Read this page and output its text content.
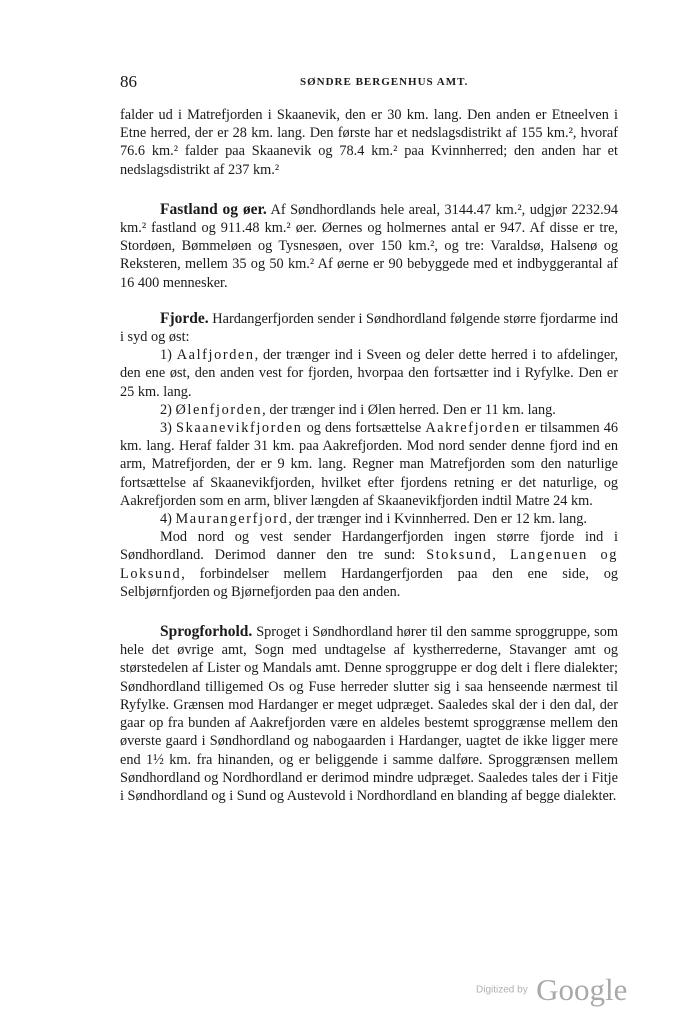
86	SØNDRE BERGENHUS AMT.

falder ud i Matrefjorden i Skaanevik, den er 30 km. lang. Den anden er Etneelven i Etne herred, der er 28 km. lang. Den første har et nedslagsdistrikt af 155 km.², hvoraf 76.6 km.² falder paa Skaanevik og 78.4 km.² paa Kvinnherred; den anden har et nedslagsdistrikt af 237 km.²

Fastland og øer. Af Søndhordlands hele areal, 3144.47 km.², udgjør 2232.94 km.² fastland og 911.48 km.² øer. Øernes og holmernes antal er 947. Af disse er tre, Stordøen, Bømmeløen og Tysnesøen, over 150 km.², og tre: Varaldsø, Halsenø og Reksteren, mellem 35 og 50 km.² Af øerne er 90 bebyggede med et indbyggerantal af 16 400 mennesker.

Fjorde. Hardangerfjorden sender i Søndhordland følgende større fjordarme ind i syd og øst:

1) Aalfjorden, der trænger ind i Sveen og deler dette herred i to afdelinger, den ene øst, den anden vest for fjorden, hvorpaa den fortsætter ind i Ryfylke. Den er 25 km. lang.

2) Ølenfjorden, der trænger ind i Ølen herred. Den er 11 km. lang.

3) Skaanevikfjorden og dens fortsættelse Aakrefjorden er tilsammen 46 km. lang. Heraf falder 31 km. paa Aakrefjorden. Mod nord sender denne fjord ind en arm, Matrefjorden, der er 9 km. lang. Regner man Matrefjorden som den naturlige fortsættelse af Skaanevikfjorden, hvilket efter fjordens retning er det naturlige, og Aakrefjorden som en arm, bliver længden af Skaanevikfjorden indtil Matre 24 km.

4) Maurangerfjord, der trænger ind i Kvinnherred. Den er 12 km. lang.

Mod nord og vest sender Hardangerfjorden ingen større fjorde ind i Søndhordland. Derimod danner den tre sund: Stoksund, Langenuen og Loksund, forbindelser mellem Hardangerfjorden paa den ene side, og Selbjørnfjorden og Bjørnefjorden paa den anden.

Sprogforhold. Sproget i Søndhordland hører til den samme sproggruppe, som hele det øvrige amt, Sogn med undtagelse af kystherrederne, Stavanger amt og størstedelen af Lister og Mandals amt. Denne sproggruppe er dog delt i flere dialekter; Søndhordland tilligemed Os og Fuse herreder slutter sig i saa henseende nærmest til Ryfylke. Grænsen mod Hardanger er meget udpræget. Saaledes skal der i den dal, der gaar op fra bunden af Aakrefjorden være en aldeles bestemt sproggrænse mellem den øverste gaard i Søndhordland og nabogaarden i Hardanger, uagtet de ikke ligger mere end 1½ km. fra hinanden, og er beliggende i samme dalføre. Sproggrænsen mellem Søndhordland og Nordhordland er derimod mindre udpræget. Saaledes tales der i Fitje i Søndhordland og i Sund og Austevold i Nordhordland en blanding af begge dialekter.

Digitized by Google
